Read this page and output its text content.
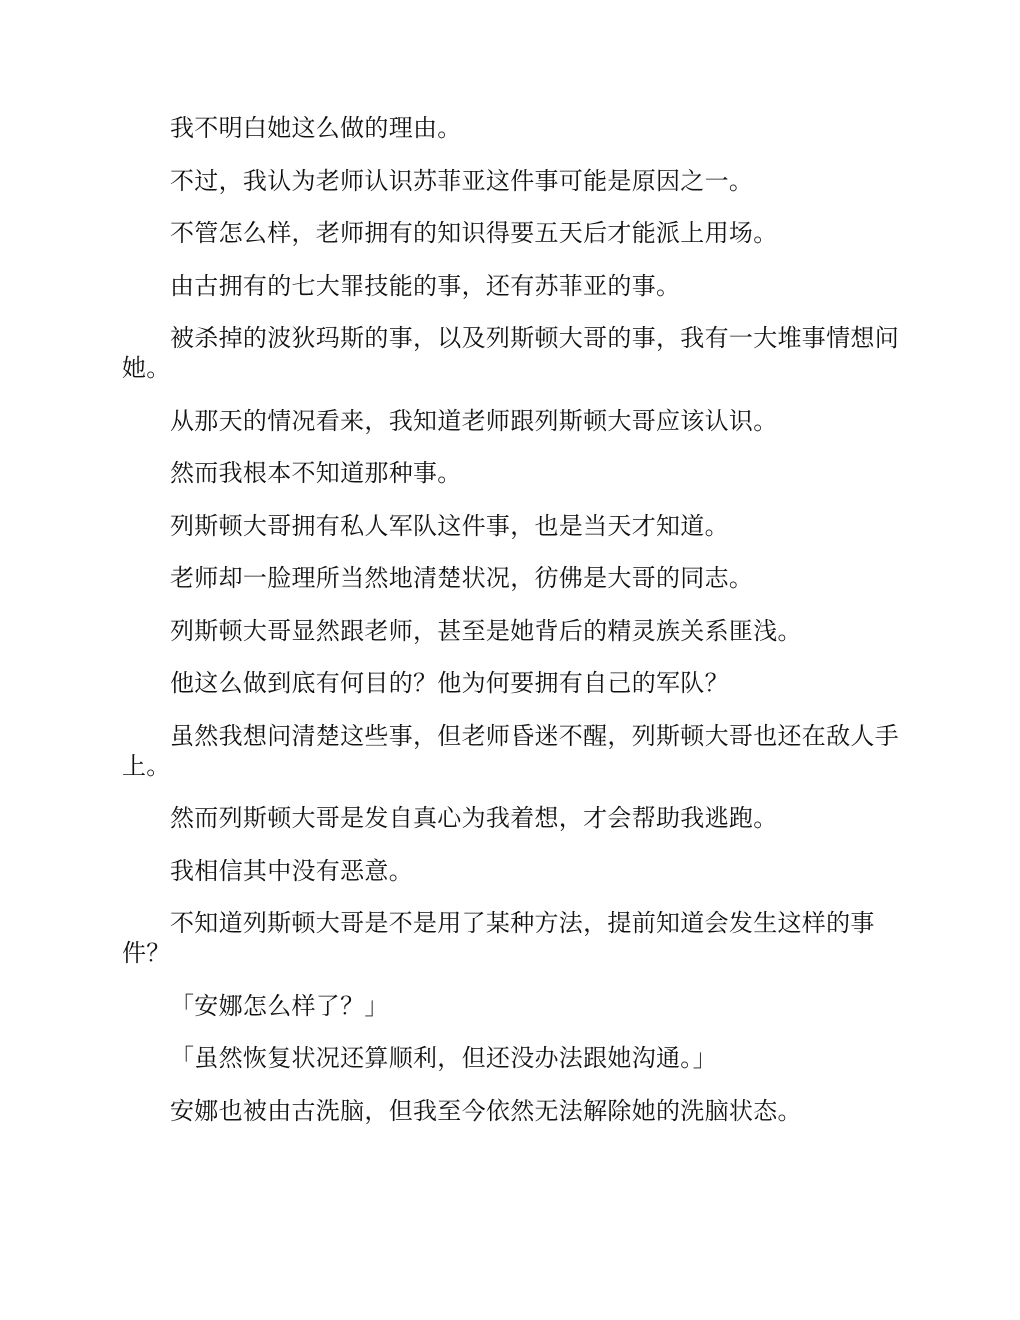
我不明白她这么做的理由。

不过，我认为老师认识苏菲亚这件事可能是原因之一。

不管怎么样，老师拥有的知识得要五天后才能派上用场。

由古拥有的七大罪技能的事，还有苏菲亚的事。

被杀掉的波狄玛斯的事，以及列斯顿大哥的事，我有一大堆事情想问她。

从那天的情况看来，我知道老师跟列斯顿大哥应该认识。

然而我根本不知道那种事。

列斯顿大哥拥有私人军队这件事，也是当天才知道。

老师却一脸理所当然地清楚状况，彷佛是大哥的同志。

列斯顿大哥显然跟老师，甚至是她背后的精灵族关系匪浅。

他这么做到底有何目的？他为何要拥有自己的军队？

虽然我想问清楚这些事，但老师昏迷不醒，列斯顿大哥也还在敌人手上。

然而列斯顿大哥是发自真心为我着想，才会帮助我逃跑。

我相信其中没有恶意。

不知道列斯顿大哥是不是用了某种方法，提前知道会发生这样的事件？

「安娜怎么样了？」

「虽然恢复状况还算顺利，但还没办法跟她沟通。」

安娜也被由古洗脑，但我至今依然无法解除她的洗脑状态。
